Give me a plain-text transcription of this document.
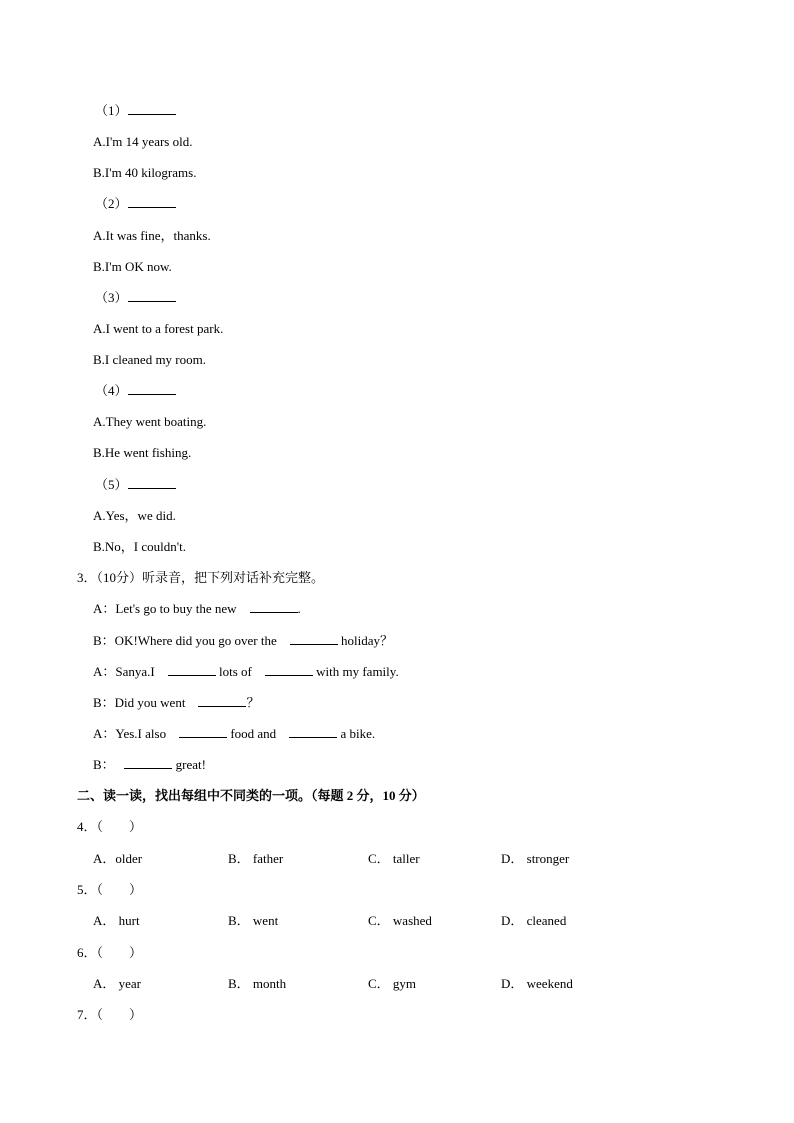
（1）
A.I'm 14 years old.
B.I'm 40 kilograms.
（2）
A.It was fine，thanks.
B.I'm OK now.
（3）
A.I went to a forest park.
B.I cleaned my room.
（4）
A.They went boating.
B.He went fishing.
（5）
A.Yes，we did.
B.No，I couldn't.
3．（10分）听录音，把下列对话补充完整。
A：Let's go to buy the new	.
B：OK!Where did you go over the	holiday？
A：Sanya.I	lots of	with my family.
B：Did you went	？
A：Yes.I also	food and	a bike.
B：	great!
二、读一读，找出每组中不同类的一项。（每题 2 分，10 分）
4．（　　）
A．older	B． father	C． taller	D． stronger
5．（　　）
A． hurt	B． went	C． washed	D． cleaned
6．（　　）
A． year	B． month	C． gym	D． weekend
7．（　　）
